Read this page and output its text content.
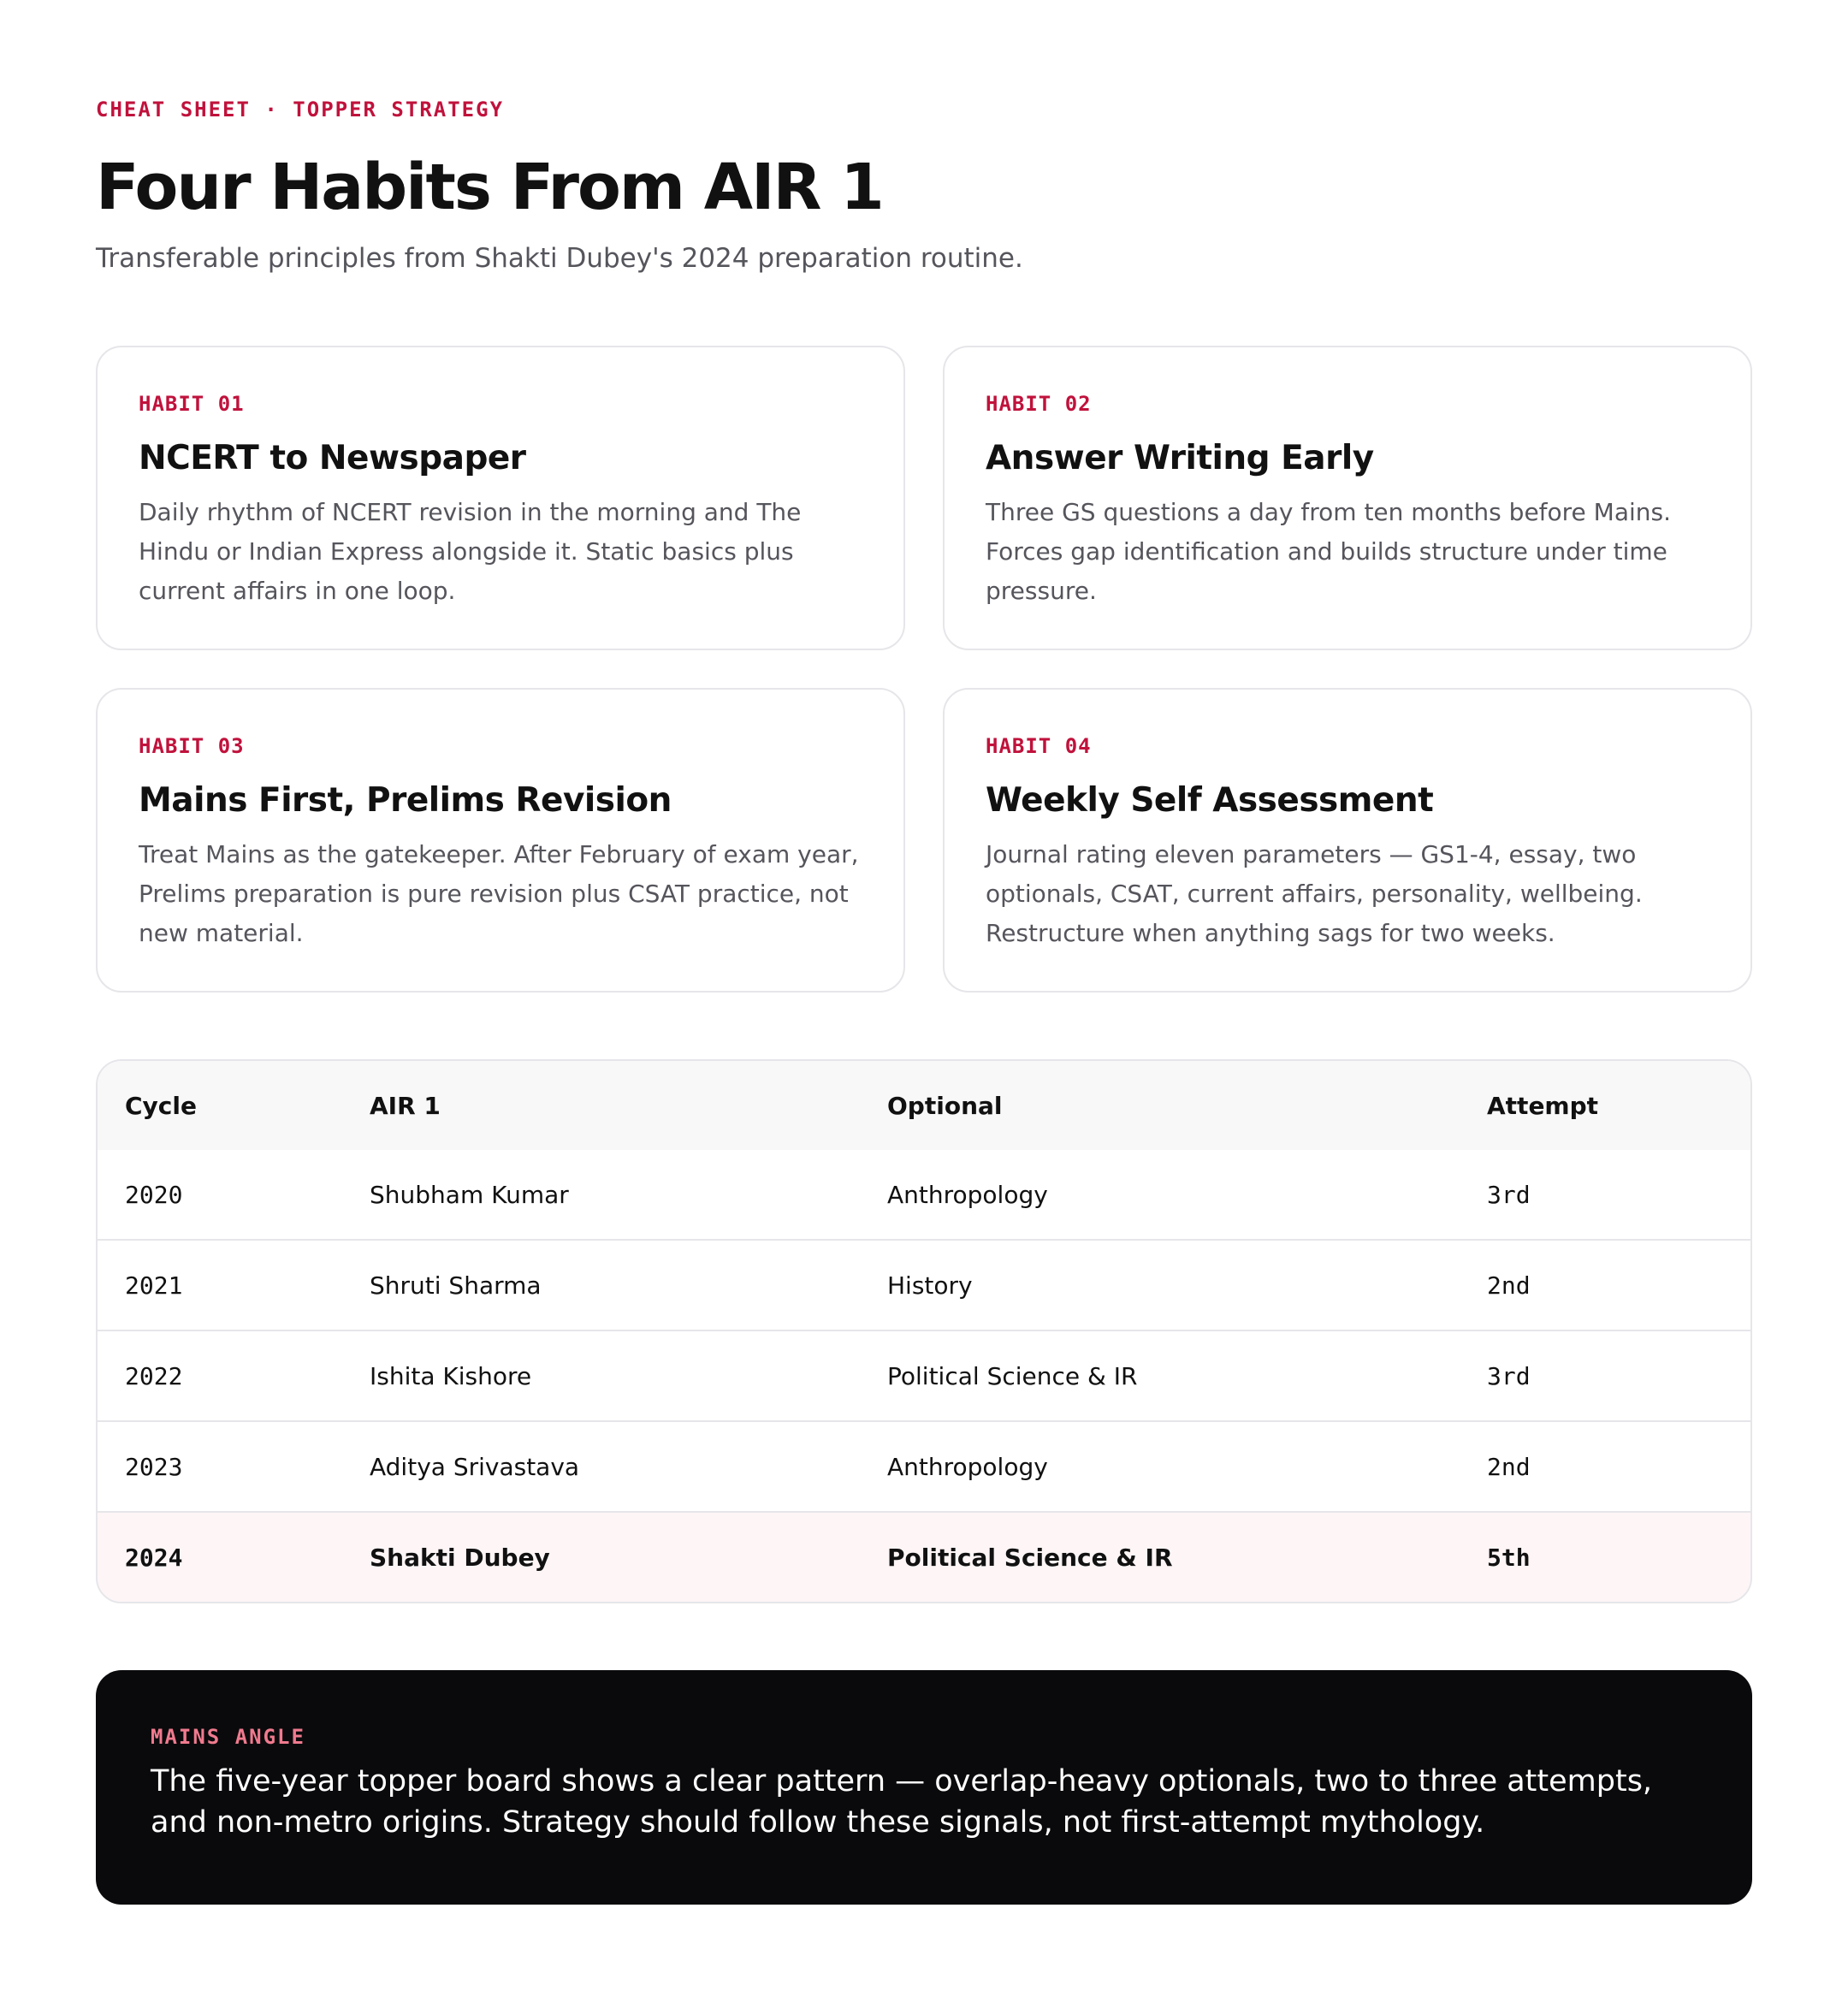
CHEAT SHEET · TOPPER STRATEGY
Four Habits From AIR 1

Transferable principles from Shakti Dubey's 2024 preparation routine.

HABIT 01
NCERT to Newspaper
Daily rhythm of NCERT revision in the morning and The Hindu or Indian Express alongside it. Static basics plus current affairs in one loop.
HABIT 02
Answer Writing Early
Three GS questions a day from ten months before Mains. Forces gap identification and builds structure under time pressure.
HABIT 03
Mains First, Prelims Revision
Treat Mains as the gatekeeper. After February of exam year, Prelims preparation is pure revision plus CSAT practice, not new material.
HABIT 04
Weekly Self Assessment
Journal rating eleven parameters — GS1-4, essay, two optionals, CSAT, current affairs, personality, wellbeing. Restructure when anything sags for two weeks.
Cycle	AIR 1	Optional	Attempt
2020	Shubham Kumar	Anthropology	3rd
2021	Shruti Sharma	History	2nd
2022	Ishita Kishore	Political Science & IR	3rd
2023	Aditya Srivastava	Anthropology	2nd
2024	Shakti Dubey	Political Science & IR	5th
MAINS ANGLE
The five-year topper board shows a clear pattern — overlap-heavy optionals, two to three attempts, and non-metro origins. Strategy should follow these signals, not first-attempt mythology.
